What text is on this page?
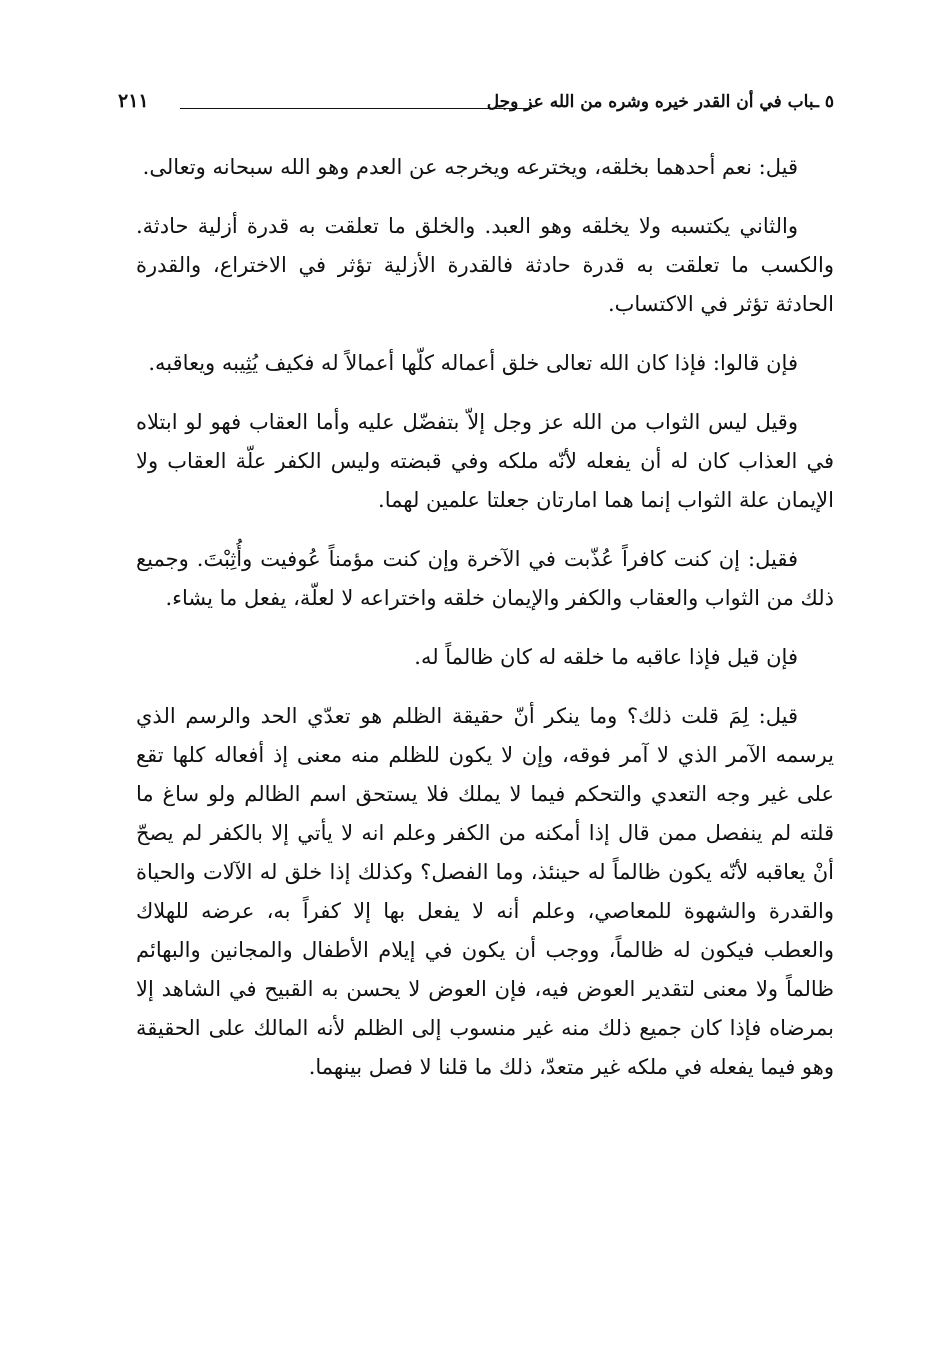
٥ ـباب في أن القدر خيره وشره من الله عز وجل
٢١١

قيل: نعم أحدهما بخلقه، ويخترعه ويخرجه عن العدم وهو الله سبحانه وتعالى.

والثاني يكتسبه ولا يخلقه وهو العبد. والخلق ما تعلقت به قدرة أزلية حادثة. والكسب ما تعلقت به قدرة حادثة فالقدرة الأزلية تؤثر في الاختراع، والقدرة الحادثة تؤثر في الاكتساب.

فإن قالوا: فإذا كان الله تعالى خلق أعماله كلّها أعمالاً له فكيف يُثِيبه ويعاقبه.

وقيل ليس الثواب من الله عز وجل إلاّ بتفضّل عليه وأما العقاب فهو لو ابتلاه في العذاب كان له أن يفعله لأنّه ملكه وفي قبضته وليس الكفر علّة العقاب ولا الإيمان علة الثواب إنما هما امارتان جعلتا علمين لهما.

فقيل: إن كنت كافراً عُذّبت في الآخرة وإن كنت مؤمناً عُوفيت وأُثِبْتَ. وجميع ذلك من الثواب والعقاب والكفر والإيمان خلقه واختراعه لا لعلّة، يفعل ما يشاء.

فإن قيل فإذا عاقبه ما خلقه له كان ظالماً له.

قيل: لِمَ قلت ذلك؟ وما ينكر أنّ حقيقة الظلم هو تعدّي الحد والرسم الذي يرسمه الآمر الذي لا آمر فوقه، وإن لا يكون للظلم منه معنى إذ أفعاله كلها تقع على غير وجه التعدي والتحكم فيما لا يملك فلا يستحق اسم الظالم ولو ساغ ما قلته لم ينفصل ممن قال إذا أمكنه من الكفر وعلم انه لا يأتي إلا بالكفر لم يصحّ أنْ يعاقبه لأنّه يكون ظالماً له حينئذ، وما الفصل؟ وكذلك إذا خلق له الآلات والحياة والقدرة والشهوة للمعاصي، وعلم أنه لا يفعل بها إلا كفراً به، عرضه للهلاك والعطب فيكون له ظالماً، ووجب أن يكون في إيلام الأطفال والمجانين والبهائم ظالماً ولا معنى لتقدير العوض فيه، فإن العوض لا يحسن به القبيح في الشاهد إلا بمرضاه فإذا كان جميع ذلك منه غير منسوب إلى الظلم لأنه المالك على الحقيقة وهو فيما يفعله في ملكه غير متعدّ، ذلك ما قلنا لا فصل بينهما.
